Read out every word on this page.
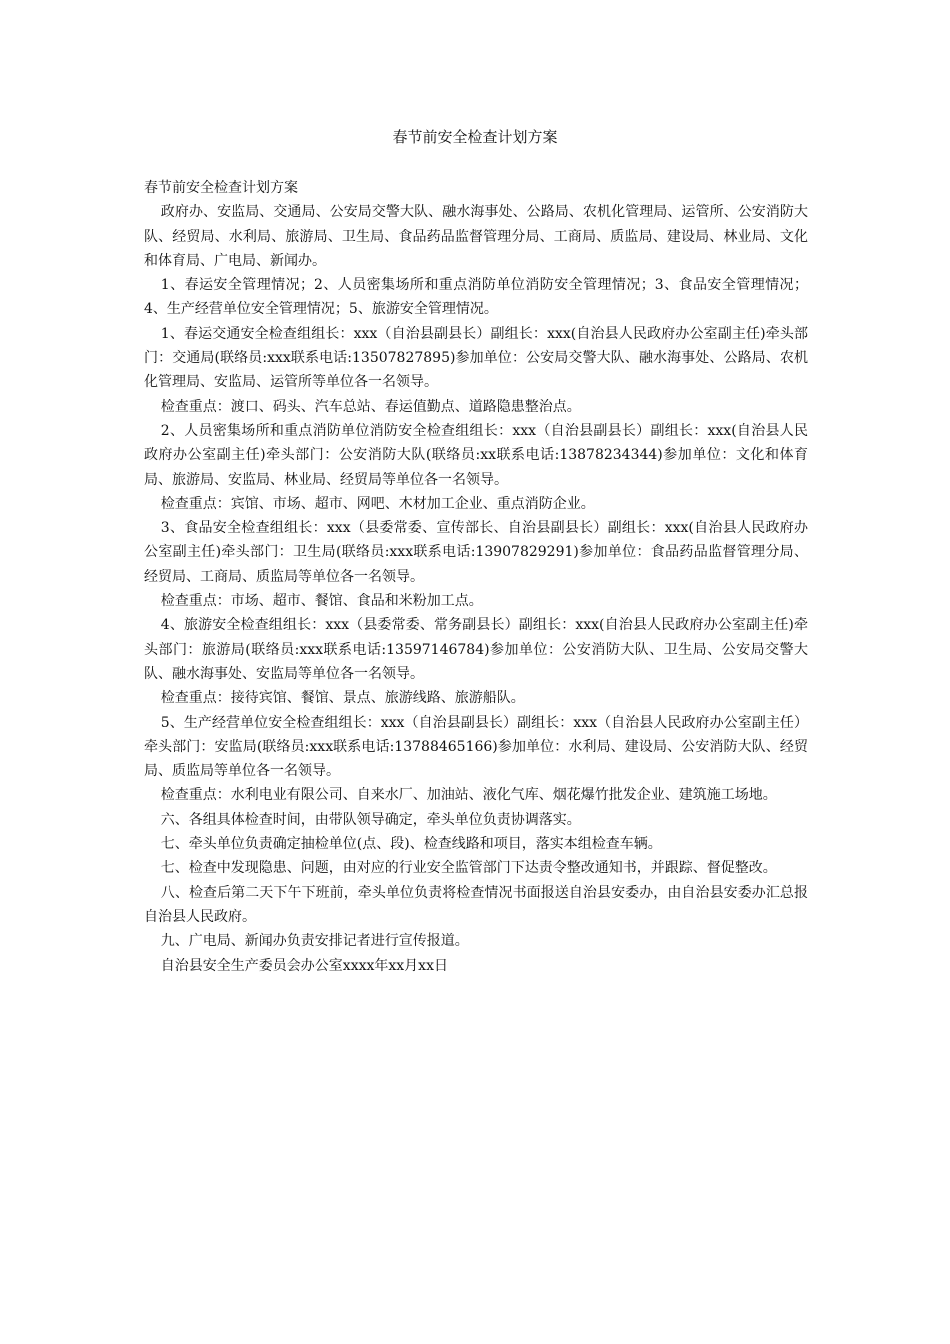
春节前安全检查计划方案

春节前安全检查计划方案

政府办、安监局、交通局、公安局交警大队、融水海事处、公路局、农机化管理局、运管所、公安消防大队、经贸局、水利局、旅游局、卫生局、食品药品监督管理分局、工商局、质监局、建设局、林业局、文化和体育局、广电局、新闻办。

1、春运安全管理情况；2、人员密集场所和重点消防单位消防安全管理情况；3、食品安全管理情况；4、生产经营单位安全管理情况；5、旅游安全管理情况。

1、春运交通安全检查组组长：xxx（自治县副县长）副组长：xxx(自治县人民政府办公室副主任)牵头部门：交通局(联络员:xxx联系电话:13507827895)参加单位：公安局交警大队、融水海事处、公路局、农机化管理局、安监局、运管所等单位各一名领导。

检查重点：渡口、码头、汽车总站、春运值勤点、道路隐患整治点。

2、人员密集场所和重点消防单位消防安全检查组组长：xxx（自治县副县长）副组长：xxx(自治县人民政府办公室副主任)牵头部门：公安消防大队(联络员:xx联系电话:13878234344)参加单位：文化和体育局、旅游局、安监局、林业局、经贸局等单位各一名领导。

检查重点：宾馆、市场、超市、网吧、木材加工企业、重点消防企业。

3、食品安全检查组组长：xxx（县委常委、宣传部长、自治县副县长）副组长：xxx(自治县人民政府办公室副主任)牵头部门：卫生局(联络员:xxx联系电话:13907829291)参加单位：食品药品监督管理分局、经贸局、工商局、质监局等单位各一名领导。

检查重点：市场、超市、餐馆、食品和米粉加工点。

4、旅游安全检查组组长：xxx（县委常委、常务副县长）副组长：xxx(自治县人民政府办公室副主任)牵头部门：旅游局(联络员:xxx联系电话:13597146784)参加单位：公安消防大队、卫生局、公安局交警大队、融水海事处、安监局等单位各一名领导。

检查重点：接待宾馆、餐馆、景点、旅游线路、旅游船队。

5、生产经营单位安全检查组组长：xxx（自治县副县长）副组长：xxx（自治县人民政府办公室副主任）牵头部门：安监局(联络员:xxx联系电话:13788465166)参加单位：水利局、建设局、公安消防大队、经贸局、质监局等单位各一名领导。

检查重点：水利电业有限公司、自来水厂、加油站、液化气库、烟花爆竹批发企业、建筑施工场地。

六、各组具体检查时间，由带队领导确定，牵头单位负责协调落实。

七、牵头单位负责确定抽检单位(点、段)、检查线路和项目，落实本组检查车辆。

七、检查中发现隐患、问题，由对应的行业安全监管部门下达责令整改通知书，并跟踪、督促整改。

八、检查后第二天下午下班前，牵头单位负责将检查情况书面报送自治县安委办，由自治县安委办汇总报自治县人民政府。

九、广电局、新闻办负责安排记者进行宣传报道。

自治县安全生产委员会办公室xxxx年xx月xx日
